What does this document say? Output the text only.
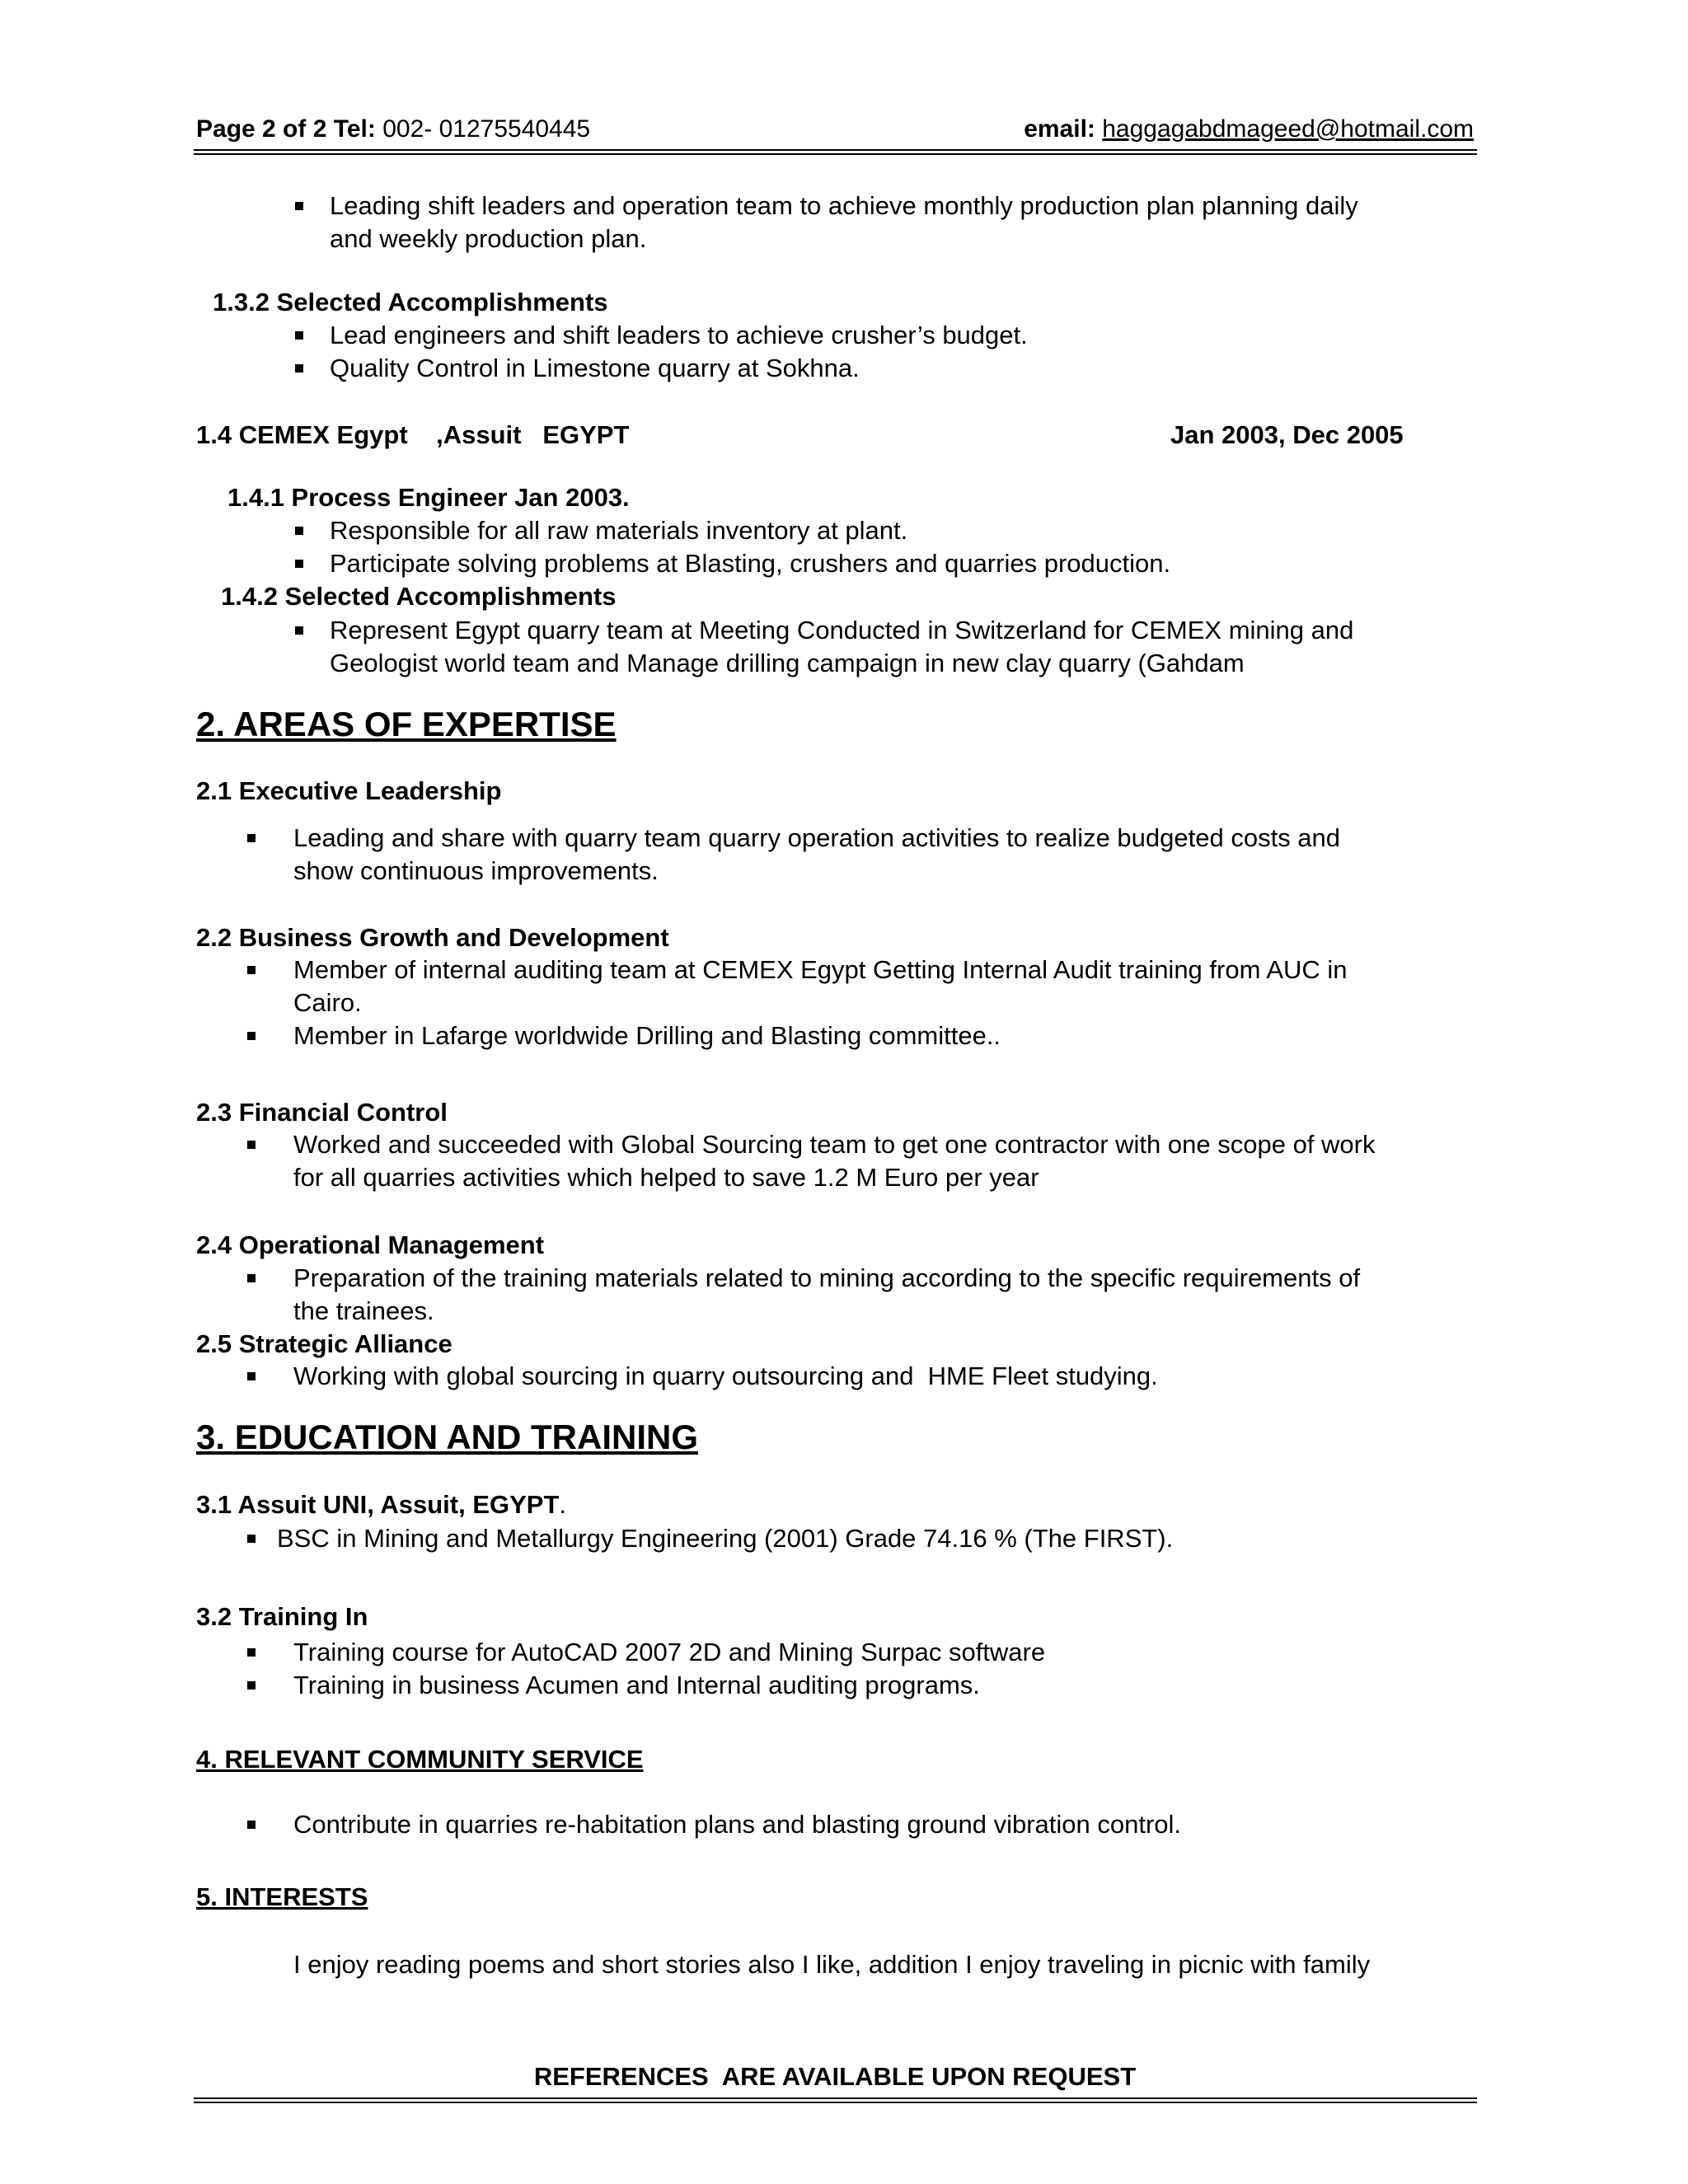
Page 2 of 2 Tel: 002- 01275540445	email: haggagabdmageed@hotmail.com
Leading shift leaders and operation team to achieve monthly production plan planning daily
and weekly production plan.
1.3.2 Selected Accomplishments
Lead engineers and shift leaders to achieve crusher’s budget.
Quality Control in Limestone quarry at Sokhna.
1.4 CEMEX Egypt    ,Assuit   EGYPT	Jan 2003, Dec 2005
1.4.1 Process Engineer Jan 2003.
Responsible for all raw materials inventory at plant.
Participate solving problems at Blasting, crushers and quarries production.
1.4.2 Selected Accomplishments
Represent Egypt quarry team at Meeting Conducted in Switzerland for CEMEX mining and
Geologist world team and Manage drilling campaign in new clay quarry (Gahdam
2. AREAS OF EXPERTISE
2.1 Executive Leadership
Leading and share with quarry team quarry operation activities to realize budgeted costs and
show continuous improvements.
2.2 Business Growth and Development
Member of internal auditing team at CEMEX Egypt Getting Internal Audit training from AUC in
Cairo.
Member in Lafarge worldwide Drilling and Blasting committee..
2.3 Financial Control
Worked and succeeded with Global Sourcing team to get one contractor with one scope of work
for all quarries activities which helped to save 1.2 M Euro per year
2.4 Operational Management
Preparation of the training materials related to mining according to the specific requirements of
the trainees.
2.5 Strategic Alliance
Working with global sourcing in quarry outsourcing and  HME Fleet studying.
3. EDUCATION AND TRAINING
3.1 Assuit UNI, Assuit, EGYPT.
BSC in Mining and Metallurgy Engineering (2001) Grade 74.16 % (The FIRST).
3.2 Training In
Training course for AutoCAD 2007 2D and Mining Surpac software
Training in business Acumen and Internal auditing programs.
4. RELEVANT COMMUNITY SERVICE
Contribute in quarries re-habitation plans and blasting ground vibration control.
5. INTERESTS
I enjoy reading poems and short stories also I like, addition I enjoy traveling in picnic with family
REFERENCES  ARE AVAILABLE UPON REQUEST
